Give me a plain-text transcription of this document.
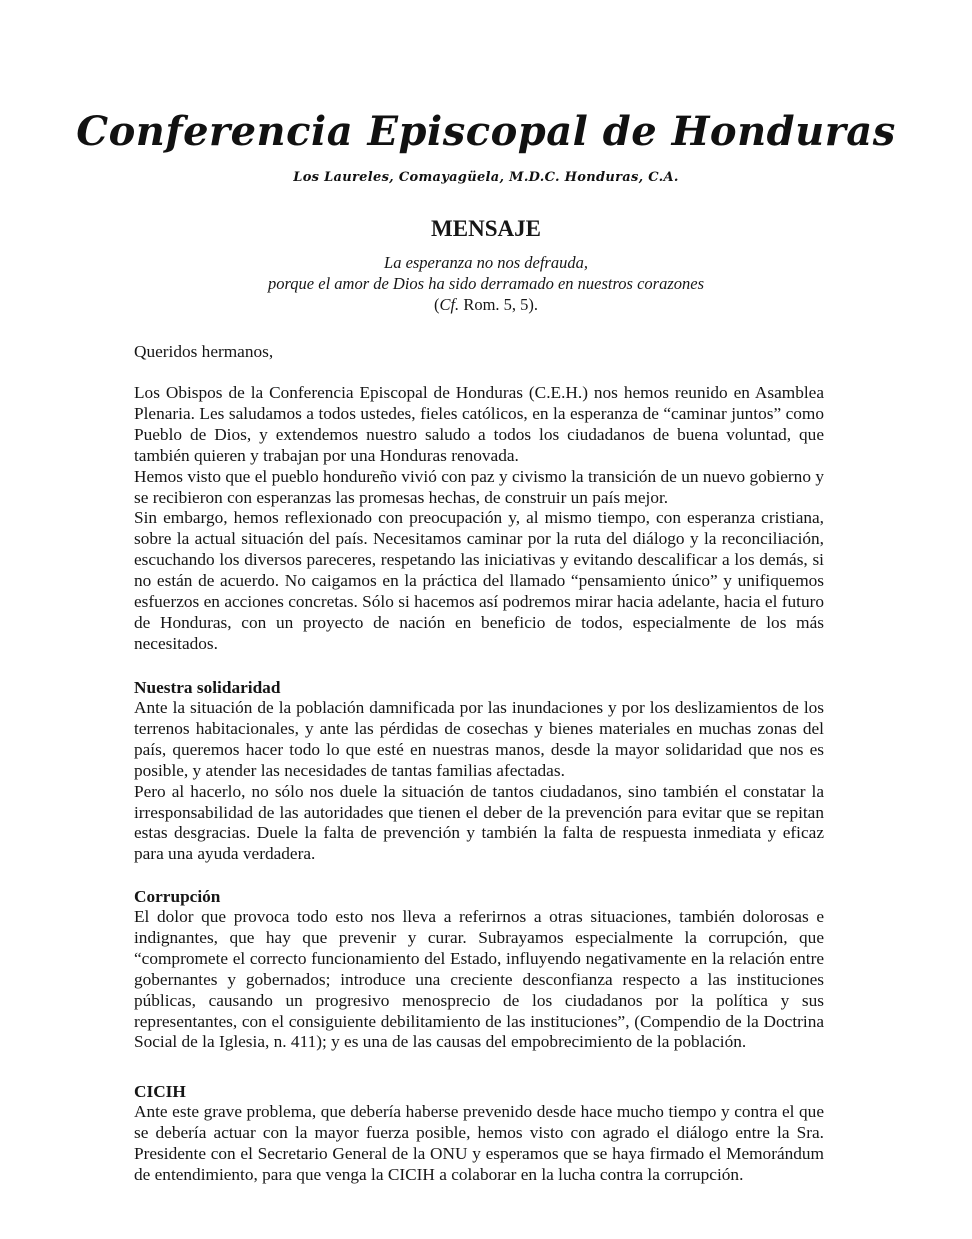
Conferencia Episcopal de Honduras
Los Laureles, Comayagüela, M.D.C. Honduras, C.A.
MENSAJE
La esperanza no nos defrauda,
porque el amor de Dios ha sido derramado en nuestros corazones
(Cf. Rom. 5, 5).
Queridos hermanos,

Los Obispos de la Conferencia Episcopal de Honduras (C.E.H.) nos hemos reunido en Asamblea Plenaria. Les saludamos a todos ustedes, fieles católicos, en la esperanza de “caminar juntos” como Pueblo de Dios, y extendemos nuestro saludo a todos los ciudadanos de buena voluntad, que también quieren y trabajan por una Honduras renovada.

Hemos visto que el pueblo hondureño vivió con paz y civismo la transición de un nuevo gobierno y se recibieron con esperanzas las promesas hechas, de construir un país mejor.

Sin embargo, hemos reflexionado con preocupación y, al mismo tiempo, con esperanza cristiana, sobre la actual situación del país. Necesitamos caminar por la ruta del diálogo y la reconciliación, escuchando los diversos pareceres, respetando las iniciativas y evitando descalificar a los demás, si no están de acuerdo. No caigamos en la práctica del llamado “pensamiento único” y unifiquemos esfuerzos en acciones concretas. Sólo si hacemos así podremos mirar hacia adelante, hacia el futuro de Honduras, con un proyecto de nación en beneficio de todos, especialmente de los más necesitados.

Nuestra solidaridad

Ante la situación de la población damnificada por las inundaciones y por los deslizamientos de los terrenos habitacionales, y ante las pérdidas de cosechas y bienes materiales en muchas zonas del país, queremos hacer todo lo que esté en nuestras manos, desde la mayor solidaridad que nos es posible, y atender las necesidades de tantas familias afectadas.

Pero al hacerlo, no sólo nos duele la situación de tantos ciudadanos, sino también el constatar la irresponsabilidad de las autoridades que tienen el deber de la prevención para evitar que se repitan estas desgracias. Duele la falta de prevención y también la falta de respuesta inmediata y eficaz para una ayuda verdadera.

Corrupción

El dolor que provoca todo esto nos lleva a referirnos a otras situaciones, también dolorosas e indignantes, que hay que prevenir y curar. Subrayamos especialmente la corrupción, que “compromete el correcto funcionamiento del Estado, influyendo negativamente en la relación entre gobernantes y gobernados; introduce una creciente desconfianza respecto a las instituciones públicas, causando un progresivo menosprecio de los ciudadanos por la política y sus representantes, con el consiguiente debilitamiento de las instituciones”, (Compendio de la Doctrina Social de la Iglesia, n. 411); y es una de las causas del empobrecimiento de la población.

CICIH

Ante este grave problema, que debería haberse prevenido desde hace mucho tiempo y contra el que se debería actuar con la mayor fuerza posible, hemos visto con agrado el diálogo entre la Sra. Presidente con el Secretario General de la ONU y esperamos que se haya firmado el Memorándum de entendimiento, para que venga la CICIH a colaborar en la lucha contra la corrupción.
